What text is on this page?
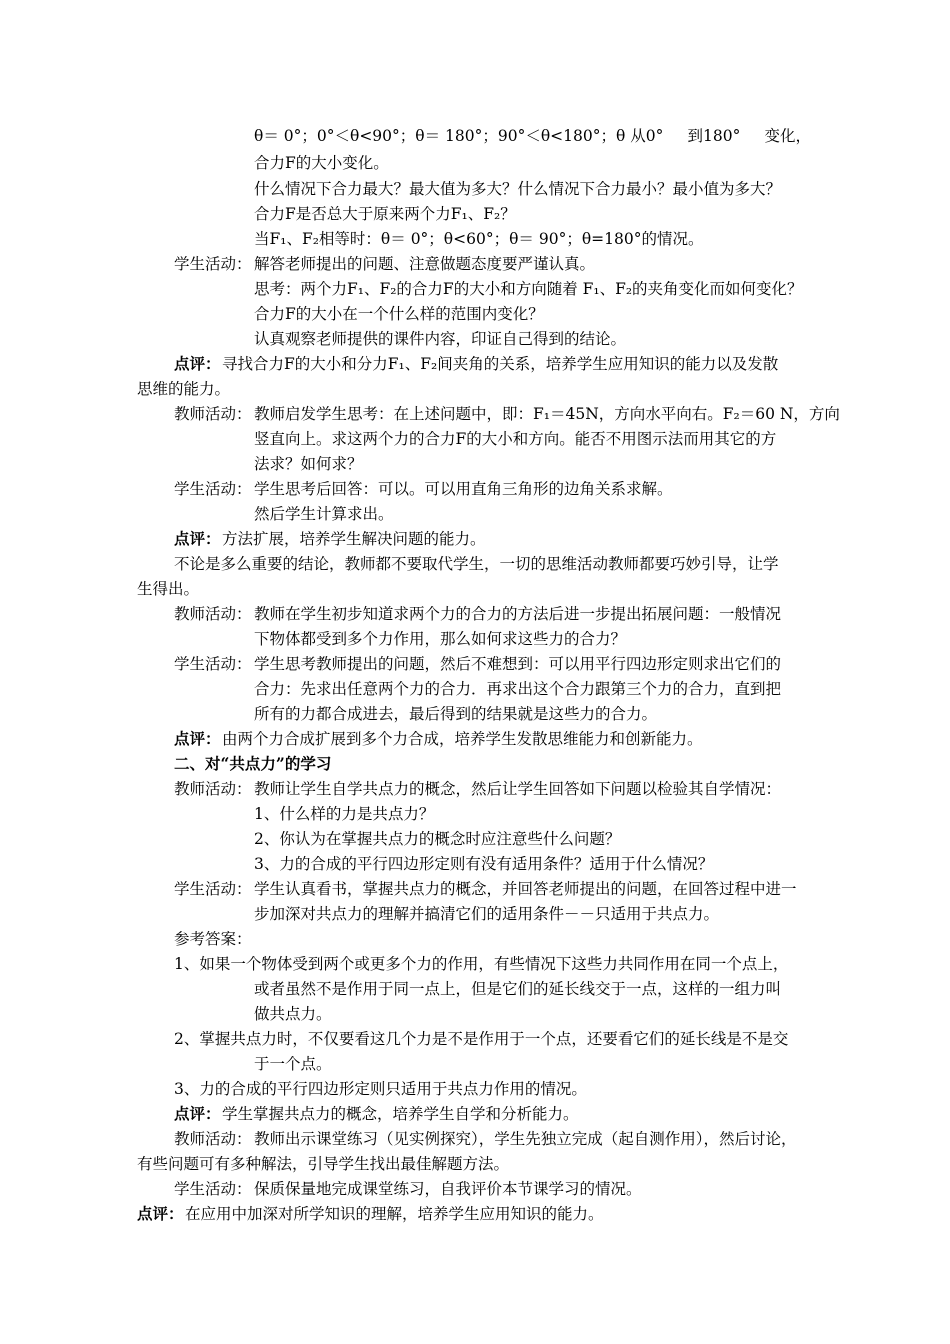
θ＝ 0°；0°＜θ<90°；θ＝ 180°；90°＜θ<180°；θ 从0° 到180° 变化，
合力F的大小变化。
什么情况下合力最大？最大值为多大？什么情况下合力最小？最小值为多大？
合力F是否总大于原来两个力F₁、F₂？
当F₁、F₂相等时：θ＝ 0°；θ<60°；θ＝ 90°；θ=180°的情况。
学生活动： 解答老师提出的问题、注意做题态度要严谨认真。
思考：两个力F₁、F₂的合力F的大小和方向随着 F₁、F₂的夹角变化而如何变化？
合力F的大小在一个什么样的范围内变化？
认真观察老师提供的课件内容，印证自己得到的结论。
点评： 寻找合力F的大小和分力F₁、F₂间夹角的关系，培养学生应用知识的能力以及发散
思维的能力。
教师活动： 教师启发学生思考：在上述问题中，即：F₁＝45N，方向水平向右。F₂＝60 N，方向
竖直向上。求这两个力的合力F的大小和方向。能否不用图示法而用其它的方
法求？如何求？
学生活动： 学生思考后回答：可以。可以用直角三角形的边角关系求解。
然后学生计算求出。
点评： 方法扩展，培养学生解决问题的能力。
不论是多么重要的结论，教师都不要取代学生，一切的思维活动教师都要巧妙引导，让学
生得出。
教师活动： 教师在学生初步知道求两个力的合力的方法后进一步提出拓展问题：一般情况
下物体都受到多个力作用，那么如何求这些力的合力？
学生活动： 学生思考教师提出的问题，然后不难想到：可以用平行四边形定则求出它们的
合力：先求出任意两个力的合力．再求出这个合力跟第三个力的合力，直到把
所有的力都合成进去，最后得到的结果就是这些力的合力。
点评： 由两个力合成扩展到多个力合成，培养学生发散思维能力和创新能力。
二、对“共点力”的学习
教师活动： 教师让学生自学共点力的概念，然后让学生回答如下问题以检验其自学情况：
1、什么样的力是共点力？
2、你认为在掌握共点力的概念时应注意些什么问题？
3、力的合成的平行四边形定则有没有适用条件？适用于什么情况？
学生活动： 学生认真看书，掌握共点力的概念，并回答老师提出的问题，在回答过程中进一
步加深对共点力的理解并搞清它们的适用条件－－只适用于共点力。
参考答案：
1、如果一个物体受到两个或更多个力的作用，有些情况下这些力共同作用在同一个点上，
或者虽然不是作用于同一点上，但是它们的延长线交于一点，这样的一组力叫
做共点力。
2、掌握共点力时，不仅要看这几个力是不是作用于一个点，还要看它们的延长线是不是交
于一个点。
3、力的合成的平行四边形定则只适用于共点力作用的情况。
点评： 学生掌握共点力的概念，培养学生自学和分析能力。
教师活动： 教师出示课堂练习（见实例探究），学生先独立完成（起自测作用），然后讨论，
有些问题可有多种解法，引导学生找出最佳解题方法。
学生活动： 保质保量地完成课堂练习，自我评价本节课学习的情况。
点评： 在应用中加深对所学知识的理解，培养学生应用知识的能力。
